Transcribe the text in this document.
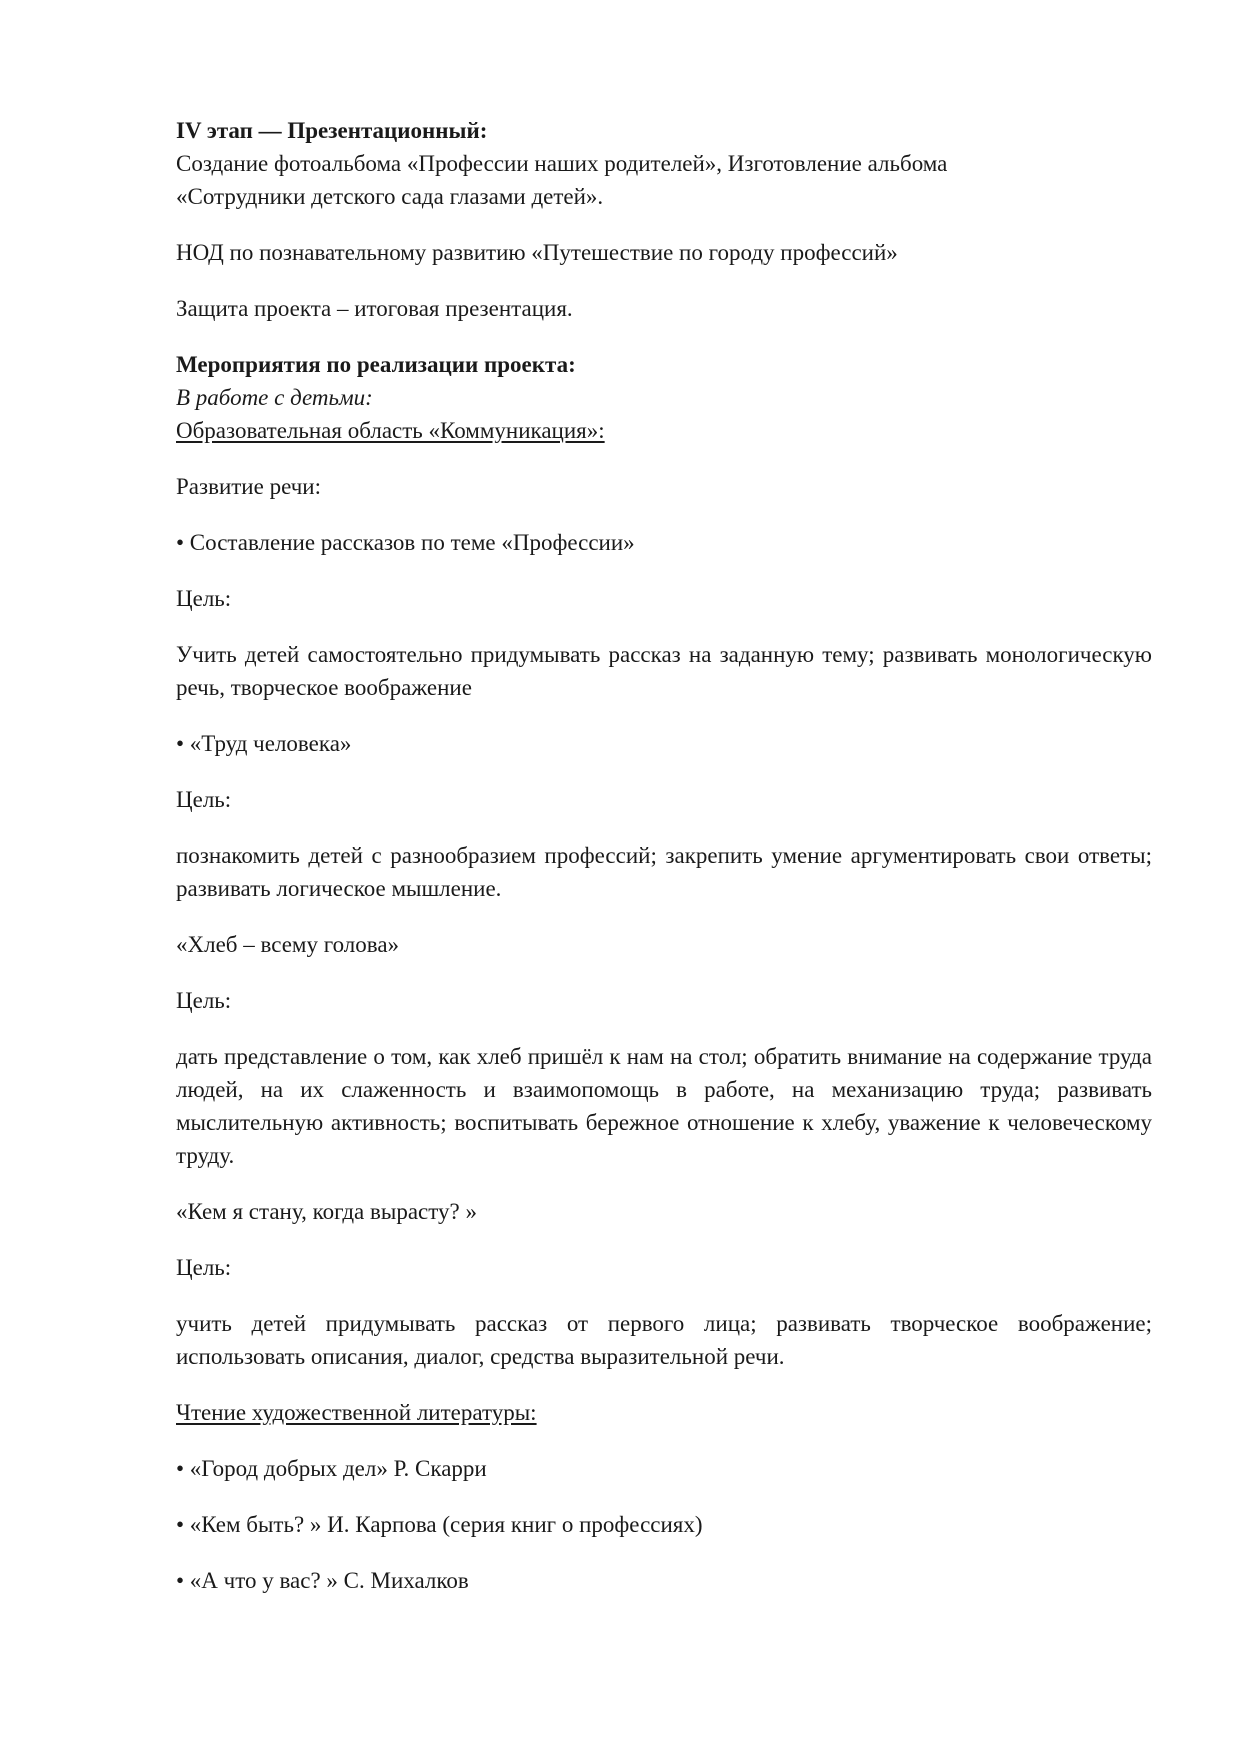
IV этап — Презентационный:

Создание фотоальбома «Профессии наших родителей», Изготовление альбома

«Сотрудники детского сада глазами детей».

НОД по познавательному развитию «Путешествие по городу профессий»

Защита проекта – итоговая презентация.

Мероприятия по реализации проекта:

В работе с детьми:

Образовательная область «Коммуникация»:

Развитие речи:

• Составление рассказов по теме «Профессии»

Цель:

Учить детей самостоятельно придумывать рассказ на заданную тему; развивать монологическую речь, творческое воображение

• «Труд человека»

Цель:

познакомить детей с разнообразием профессий; закрепить умение аргументировать свои ответы; развивать логическое мышление.

«Хлеб – всему голова»

Цель:

дать представление о том, как хлеб пришёл к нам на стол; обратить внимание на содержание труда людей, на их слаженность и взаимопомощь в работе, на механизацию труда; развивать мыслительную активность; воспитывать бережное отношение к хлебу, уважение к человеческому труду.

«Кем я стану, когда вырасту? »

Цель:

учить детей придумывать рассказ от первого лица; развивать творческое воображение; использовать описания, диалог, средства выразительной речи.

Чтение художественной литературы:

• «Город добрых дел» Р. Скарри

• «Кем быть? » И. Карпова (серия книг о профессиях)

• «А что у вас? » С. Михалков
